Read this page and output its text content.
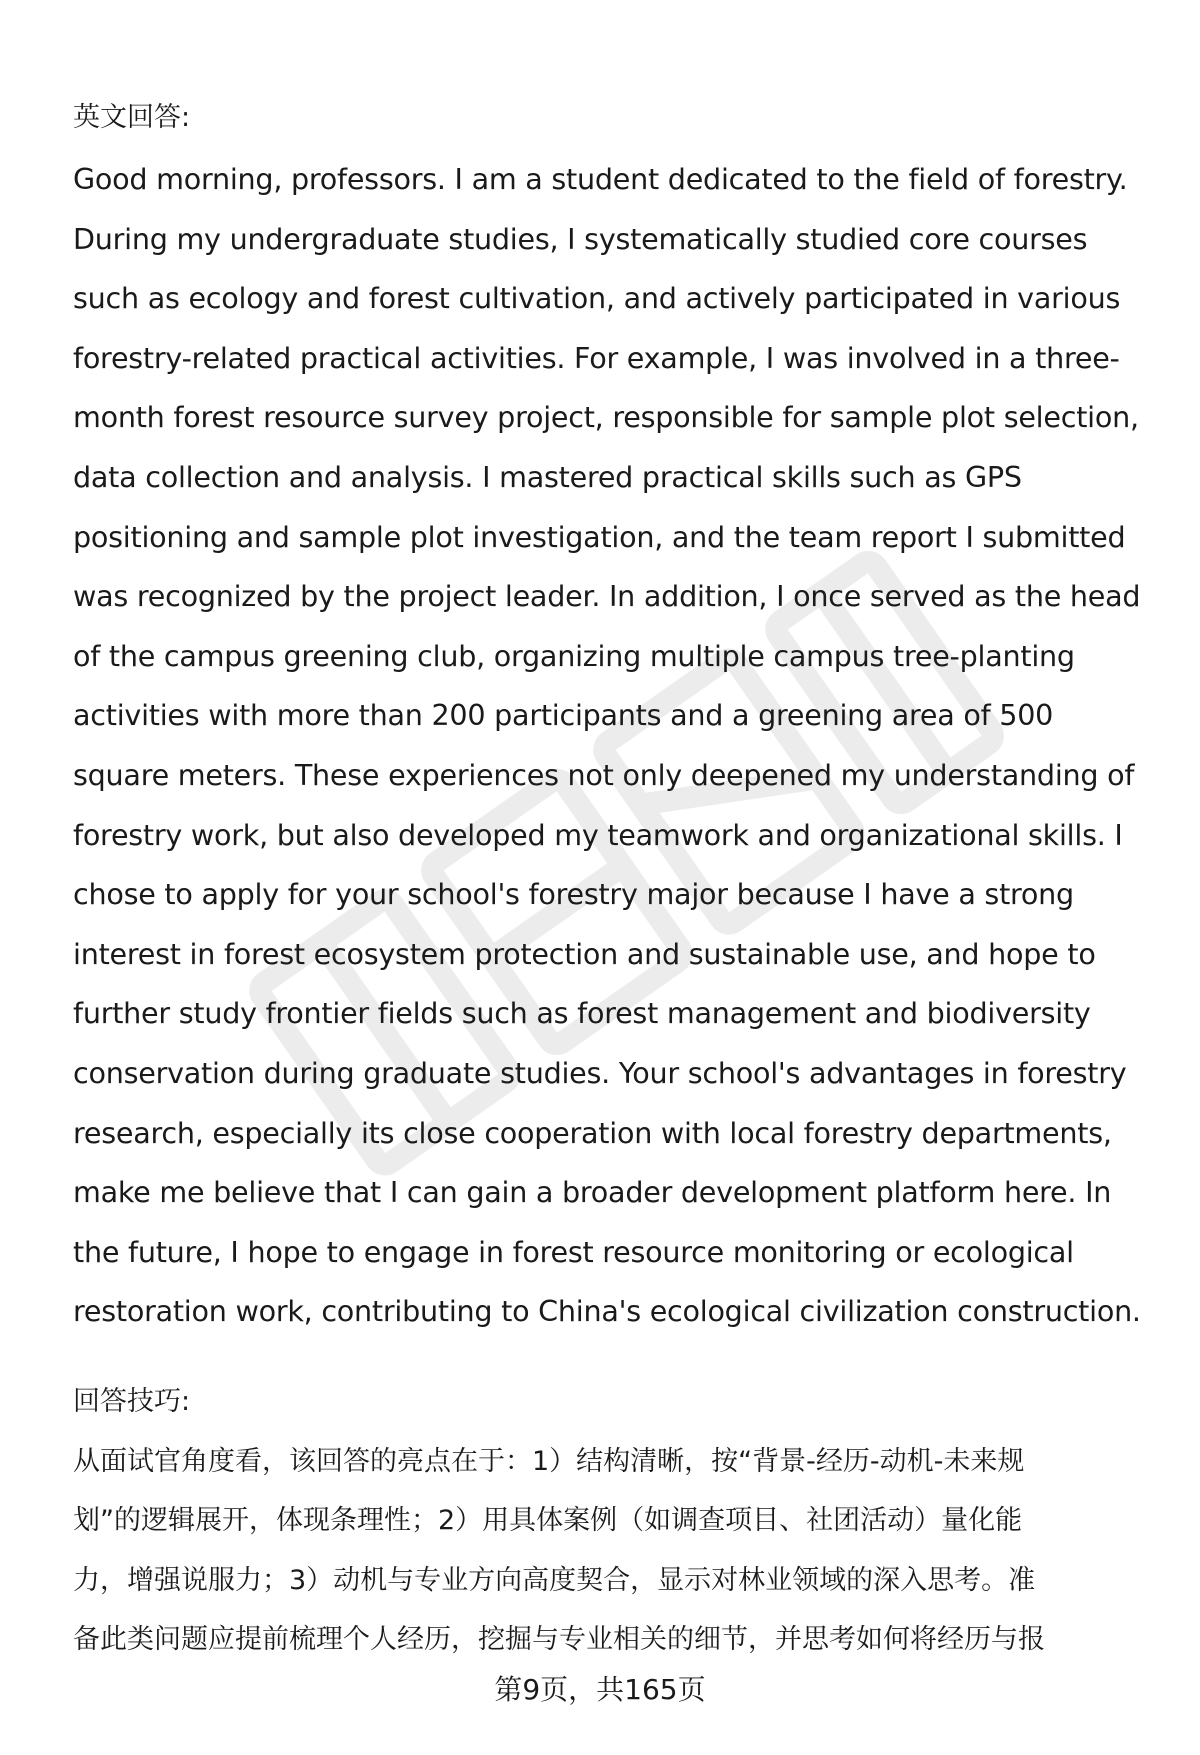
英文回答:
Good morning, professors. I am a student dedicated to the field of forestry.
During my undergraduate studies, I systematically studied core courses
such as ecology and forest cultivation, and actively participated in various
forestry-related practical activities. For example, I was involved in a three-
month forest resource survey project, responsible for sample plot selection,
data collection and analysis. I mastered practical skills such as GPS
positioning and sample plot investigation, and the team report I submitted
was recognized by the project leader. In addition, I once served as the head
of the campus greening club, organizing multiple campus tree-planting
activities with more than 200 participants and a greening area of 500
square meters. These experiences not only deepened my understanding of
forestry work, but also developed my teamwork and organizational skills. I
chose to apply for your school's forestry major because I have a strong
interest in forest ecosystem protection and sustainable use, and hope to
further study frontier fields such as forest management and biodiversity
conservation during graduate studies. Your school's advantages in forestry
research, especially its close cooperation with local forestry departments,
make me believe that I can gain a broader development platform here. In
the future, I hope to engage in forest resource monitoring or ecological
restoration work, contributing to China's ecological civilization construction.
回答技巧:
从面试官角度看，该回答的亮点在于：1）结构清晰，按“背景-经历-动机-未来规
划”的逻辑展开，体现条理性；2）用具体案例（如调查项目、社团活动）量化能
力，增强说服力；3）动机与专业方向高度契合，显示对林业领域的深入思考。准
备此类问题应提前梳理个人经历，挖掘与专业相关的细节，并思考如何将经历与报
第9页，共165页
